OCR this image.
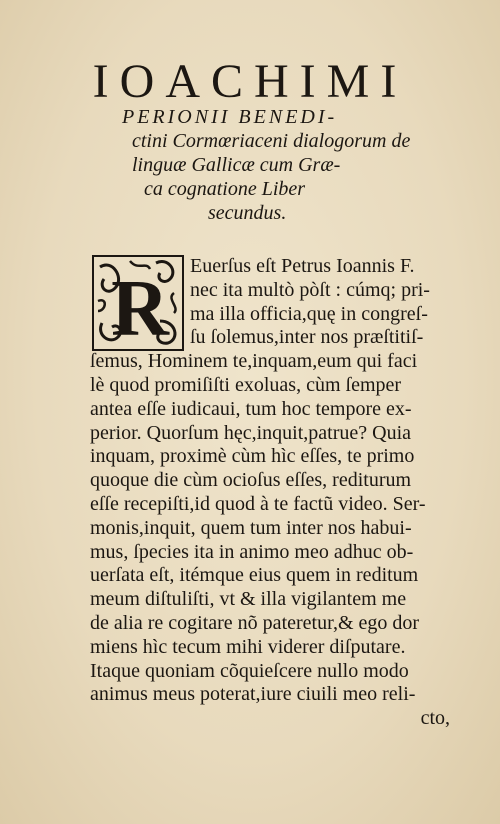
IOACHIMI
PERIONII BENEDI-
ctini Cormœriaceni dialogorum de
linguæ Gallicæ cum Græ-
ca cognatione Liber
secundus.
R	Euerſus eſt Petrus Ioannis F.
nec ita multò pòſt : cúmq; pri-
ma illa officia,quę in congreſ-
ſu ſolemus,inter nos præſtitiſ-
ſemus, Hominem te,inquam,eum qui faci
lè quod promiſiſti exoluas, cùm ſemper
antea eſſe iudicaui, tum hoc tempore ex-
perior. Quorſum hęc,inquit,patrue? Quia
inquam, proximè cùm hìc eſſes, te primo
quoque die cùm ocioſus eſſes, rediturum
eſſe recepiſti,id quod à te factũ video. Ser-
monis,inquit, quem tum inter nos habui-
mus, ſpecies ita in animo meo adhuc ob-
uerſata eſt, itémque eius quem in reditum
meum diſtuliſti, vt & illa vigilantem me
de alia re cogitare nõ pateretur,& ego dor
miens hìc tecum mihi viderer diſputare.
Itaque quoniam cõquieſcere nullo modo
animus meus poterat,iure ciuili meo reli-
cto,
